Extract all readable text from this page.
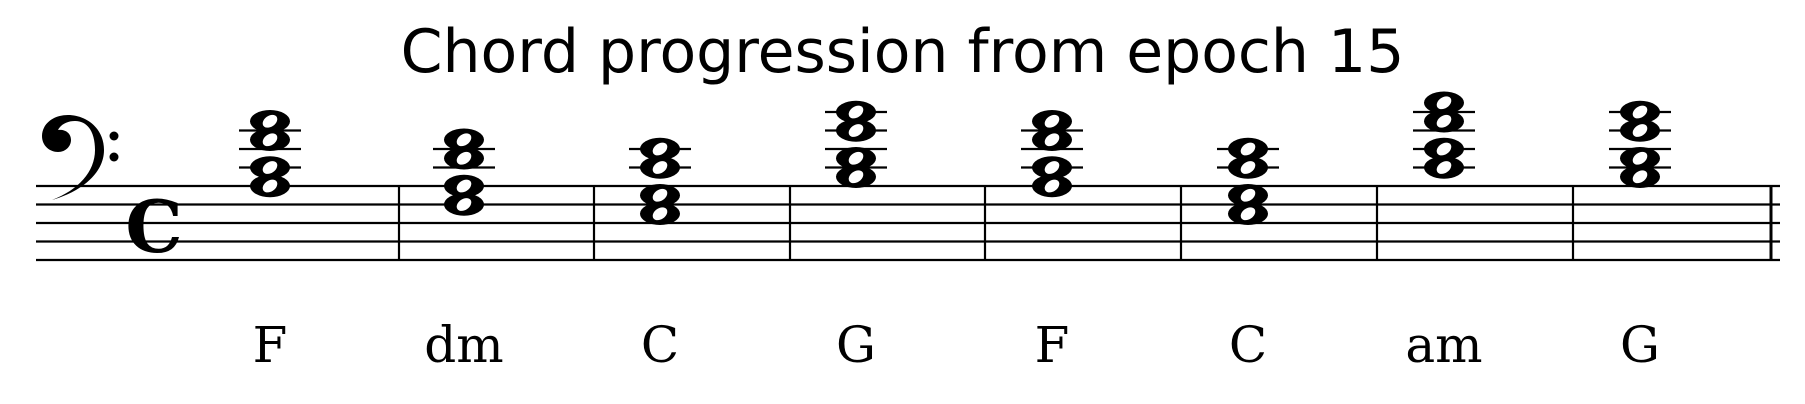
Chord progression from epoch 15
C
F	dm	C	G	F	C	am	G
